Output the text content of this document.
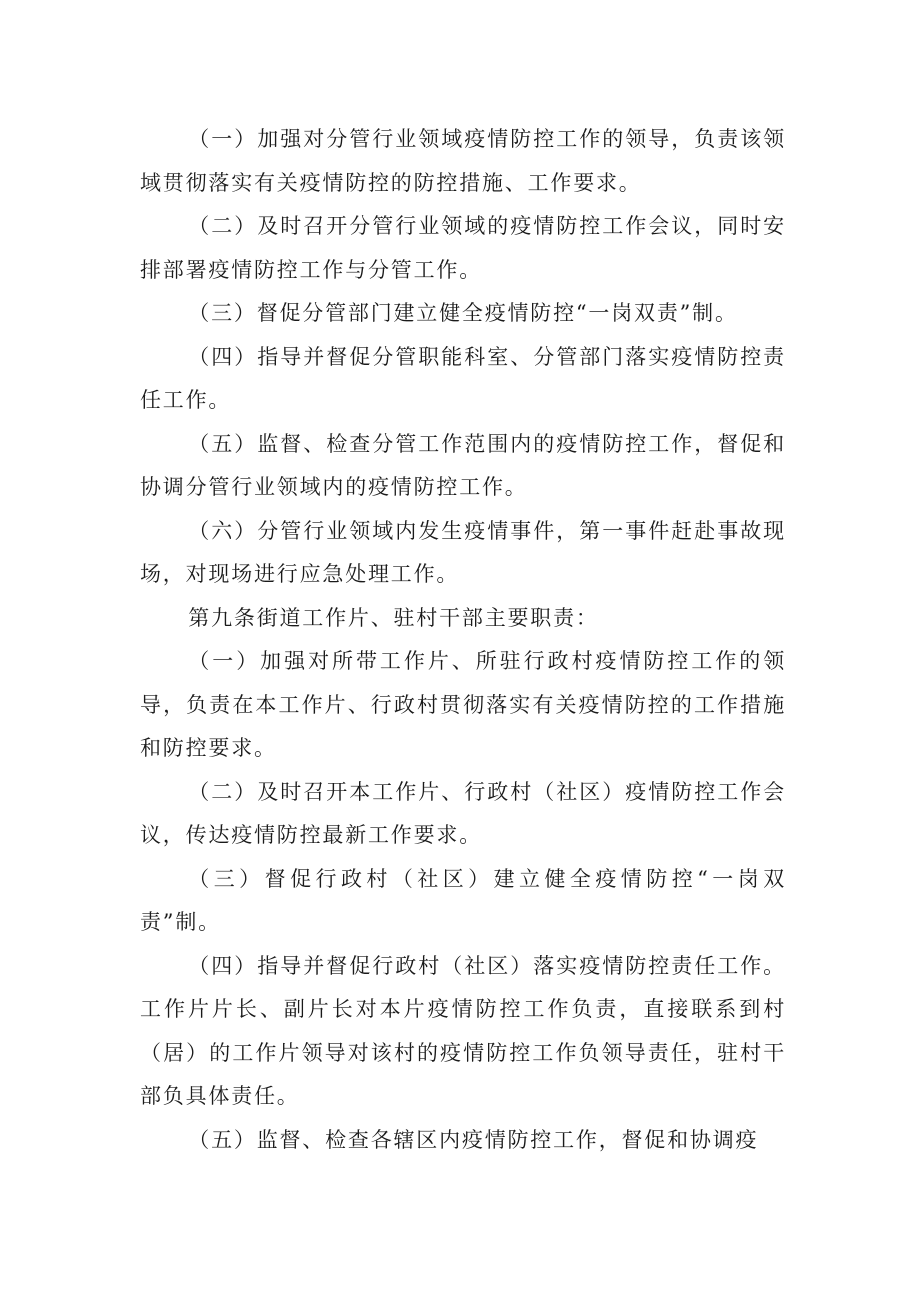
（一）加强对分管行业领域疫情防控工作的领导，负责该领域贯彻落实有关疫情防控的防控措施、工作要求。

（二）及时召开分管行业领域的疫情防控工作会议，同时安排部署疫情防控工作与分管工作。

（三）督促分管部门建立健全疫情防控“一岗双责”制。

（四）指导并督促分管职能科室、分管部门落实疫情防控责任工作。

（五）监督、检查分管工作范围内的疫情防控工作，督促和协调分管行业领域内的疫情防控工作。

（六）分管行业领域内发生疫情事件，第一事件赶赴事故现场，对现场进行应急处理工作。

第九条街道工作片、驻村干部主要职责：

（一）加强对所带工作片、所驻行政村疫情防控工作的领导，负责在本工作片、行政村贯彻落实有关疫情防控的工作措施和防控要求。

（二）及时召开本工作片、行政村（社区）疫情防控工作会议，传达疫情防控最新工作要求。

（三）督促行政村（社区）建立健全疫情防控“一岗双责”制。

（四）指导并督促行政村（社区）落实疫情防控责任工作。工作片片长、副片长对本片疫情防控工作负责，直接联系到村（居）的工作片领导对该村的疫情防控工作负领导责任，驻村干部负具体责任。

（五）监督、检查各辖区内疫情防控工作，督促和协调疫
